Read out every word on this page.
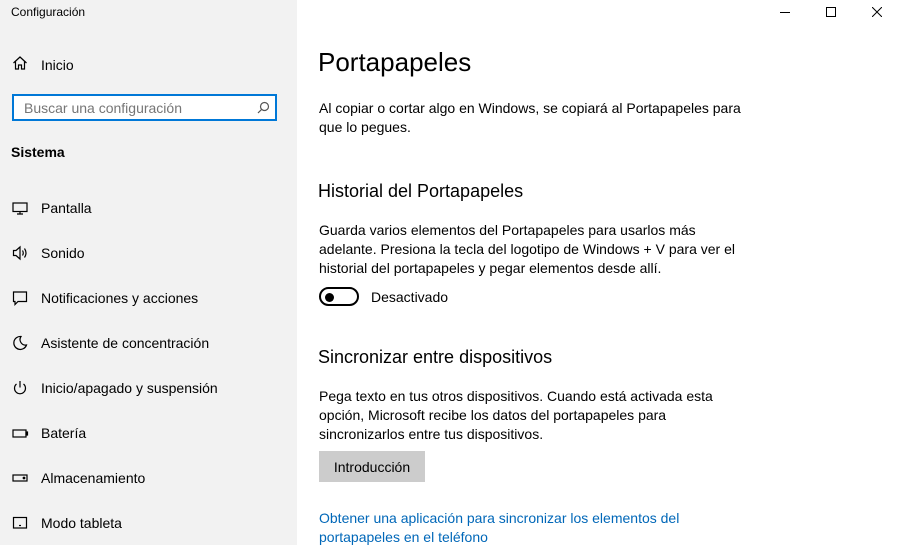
Configuración
Inicio
Buscar una configuración
Sistema
Pantalla
Sonido
Notificaciones y acciones
Asistente de concentración
Inicio/apagado y suspensión
Batería
Almacenamiento
Modo tableta
Portapapeles
Al copiar o cortar algo en Windows, se copiará al Portapapeles para que lo pegues.
Historial del Portapapeles
Guarda varios elementos del Portapapeles para usarlos más adelante. Presiona la tecla del logotipo de Windows + V para ver el historial del portapapeles y pegar elementos desde allí.
Desactivado
Sincronizar entre dispositivos
Pega texto en tus otros dispositivos. Cuando está activada esta opción, Microsoft recibe los datos del portapapeles para sincronizarlos entre tus dispositivos.
Introducción
Obtener una aplicación para sincronizar los elementos del portapapeles en el teléfono
